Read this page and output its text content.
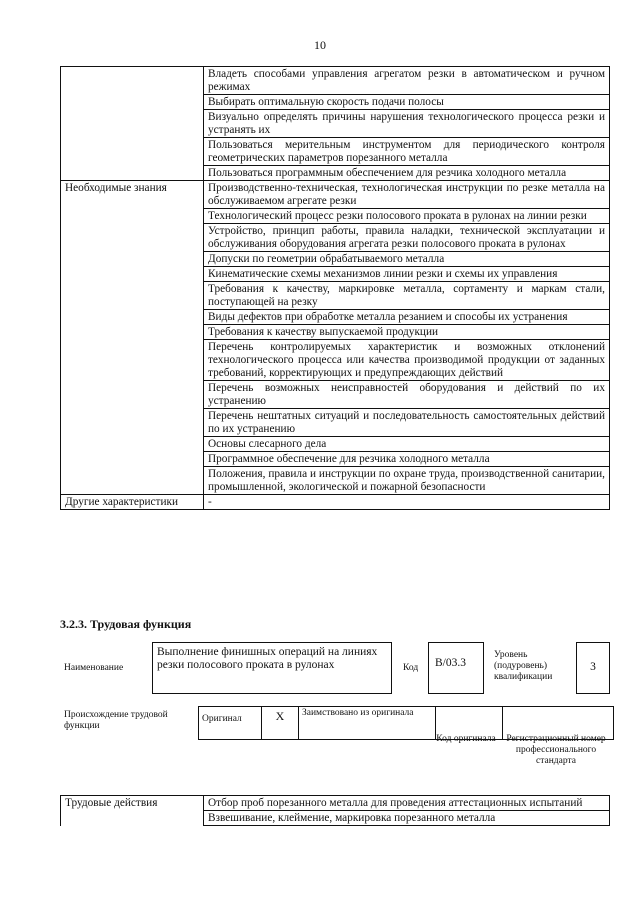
10
	Владеть способами управления агрегатом резки в автоматическом и ручном режимах
	Выбирать оптимальную скорость подачи полосы
	Визуально определять причины нарушения технологического процесса резки и устранять их
	Пользоваться мерительным инструментом для периодического контроля геометрических параметров порезанного металла
	Пользоваться программным обеспечением для резчика холодного металла
Необходимые знания	Производственно-техническая, технологическая инструкции по резке металла на обслуживаемом агрегате резки
	Технологический процесс резки полосового проката в рулонах на линии резки
	Устройство, принцип работы, правила наладки, технической эксплуатации и обслуживания оборудования агрегата резки полосового проката в рулонах
	Допуски по геометрии обрабатываемого металла
	Кинематические схемы механизмов линии резки и схемы их управления
	Требования к качеству, маркировке металла, сортаменту и маркам стали, поступающей на резку
	Виды дефектов при обработке металла резанием и способы их устранения
	Требования к качеству выпускаемой продукции
	Перечень контролируемых характеристик и возможных отклонений технологического процесса или качества производимой продукции от заданных требований, корректирующих и предупреждающих действий
	Перечень возможных неисправностей оборудования и действий по их устранению
	Перечень нештатных ситуаций и последовательность самостоятельных действий по их устранению
	Основы слесарного дела
	Программное обеспечение для резчика холодного металла
	Положения, правила и инструкции по охране труда, производственной санитарии, промышленной, экологической и пожарной безопасности
Другие характеристики	-
3.2.3. Трудовая функция
Наименование
Выполнение финишных операций на линиях резки полосового проката в рулонах	Код	В/03.3
Уровень (подуровень) квалификации
3
Происхождение трудовой функции
Оригинал	X	Заимствовано из оригинала		
Код оригинала	Регистрационный номер профессионального стандарта
Трудовые действия	Отбор проб порезанного металла для проведения аттестационных испытаний
Взвешивание, клеймение, маркировка порезанного металла
